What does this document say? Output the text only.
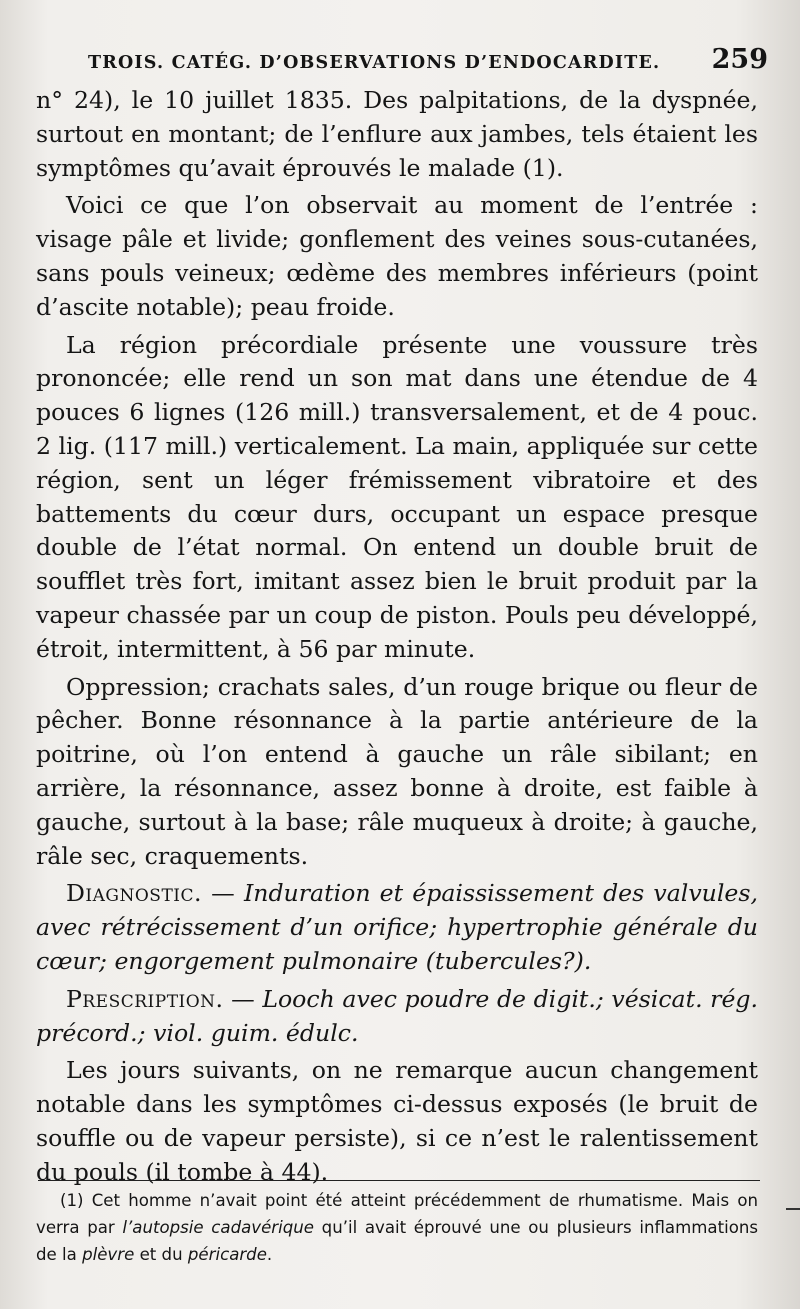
TROIS. CATÉG. D’OBSERVATIONS D’ENDOCARDITE. 259

n° 24), le 10 juillet 1835. Des palpitations, de la dyspnée, surtout en montant; de l’enflure aux jambes, tels étaient les symptômes qu’avait éprouvés le malade (1).

Voici ce que l’on observait au moment de l’entrée : visage pâle et livide; gonflement des veines sous-cutanées, sans pouls veineux; œdème des membres inférieurs (point d’ascite notable); peau froide.

La région précordiale présente une voussure très prononcée; elle rend un son mat dans une étendue de 4 pouces 6 lignes (126 mill.) transversalement, et de 4 pouc. 2 lig. (117 mill.) verticalement. La main, appliquée sur cette région, sent un léger frémissement vibratoire et des battements du cœur durs, occupant un espace presque double de l’état normal. On entend un double bruit de soufflet très fort, imitant assez bien le bruit produit par la vapeur chassée par un coup de piston. Pouls peu développé, étroit, intermittent, à 56 par minute.

Oppression; crachats sales, d’un rouge brique ou fleur de pêcher. Bonne résonnance à la partie antérieure de la poitrine, où l’on entend à gauche un râle sibilant; en arrière, la résonnance, assez bonne à droite, est faible à gauche, surtout à la base; râle muqueux à droite; à gauche, râle sec, craquements.

Diagnostic. — Induration et épaississement des valvules, avec rétrécissement d’un orifice; hypertrophie générale du cœur; engorgement pulmonaire (tubercules?).

Prescription. — Looch avec poudre de digit.; vésicat. rég. précord.; viol. guim. édulc.

Les jours suivants, on ne remarque aucun changement notable dans les symptômes ci-dessus exposés (le bruit de souffle ou de vapeur persiste), si ce n’est le ralentissement du pouls (il tombe à 44).

(1) Cet homme n’avait point été atteint précédemment de rhumatisme. Mais on verra par l’autopsie cadavérique qu’il avait éprouvé une ou plusieurs inflammations de la plèvre et du péricarde.
